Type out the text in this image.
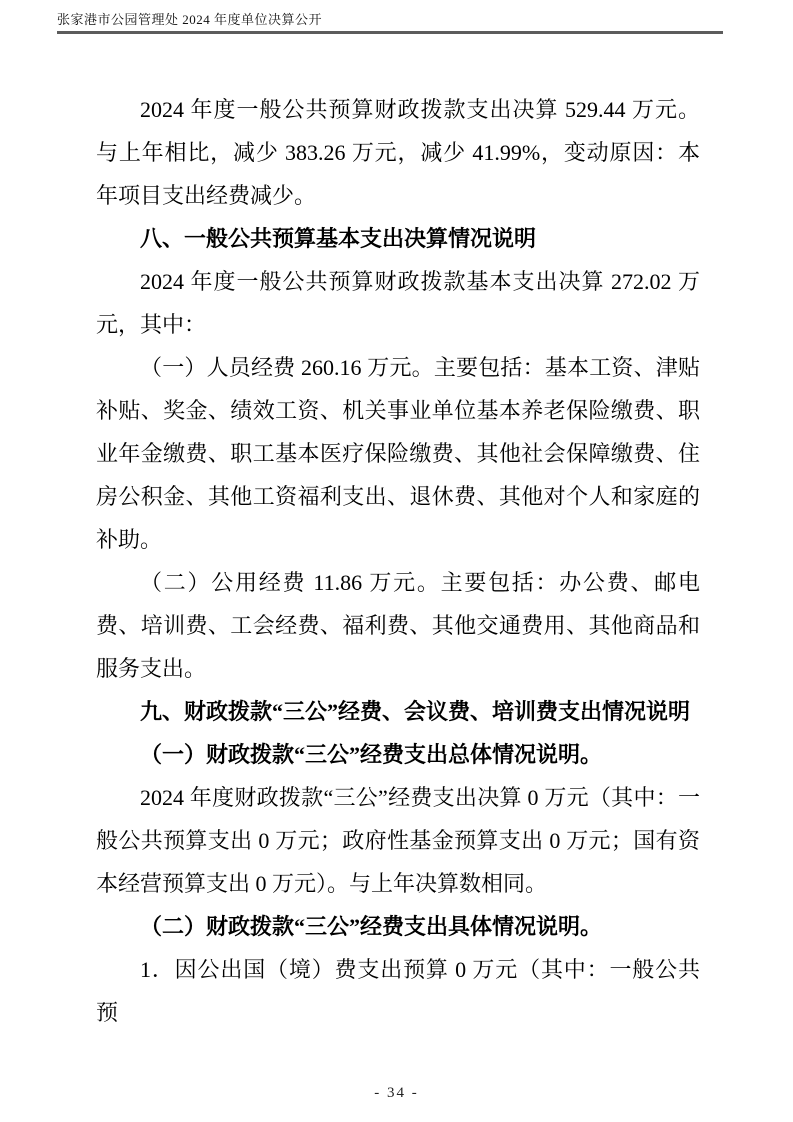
张家港市公园管理处 2024 年度单位决算公开

2024 年度一般公共预算财政拨款支出决算 529.44 万元。与上年相比，减少 383.26 万元，减少 41.99%，变动原因：本年项目支出经费减少。

八、一般公共预算基本支出决算情况说明

2024 年度一般公共预算财政拨款基本支出决算 272.02 万元，其中：

（一）人员经费 260.16 万元。主要包括：基本工资、津贴补贴、奖金、绩效工资、机关事业单位基本养老保险缴费、职业年金缴费、职工基本医疗保险缴费、其他社会保障缴费、住房公积金、其他工资福利支出、退休费、其他对个人和家庭的补助。

（二）公用经费 11.86 万元。主要包括：办公费、邮电费、培训费、工会经费、福利费、其他交通费用、其他商品和服务支出。

九、财政拨款“三公”经费、会议费、培训费支出情况说明

（一）财政拨款“三公”经费支出总体情况说明。

2024 年度财政拨款“三公”经费支出决算 0 万元（其中：一般公共预算支出 0 万元；政府性基金预算支出 0 万元；国有资本经营预算支出 0 万元）。与上年决算数相同。

（二）财政拨款“三公”经费支出具体情况说明。

1．因公出国（境）费支出预算 0 万元（其中：一般公共预

- 34 -
